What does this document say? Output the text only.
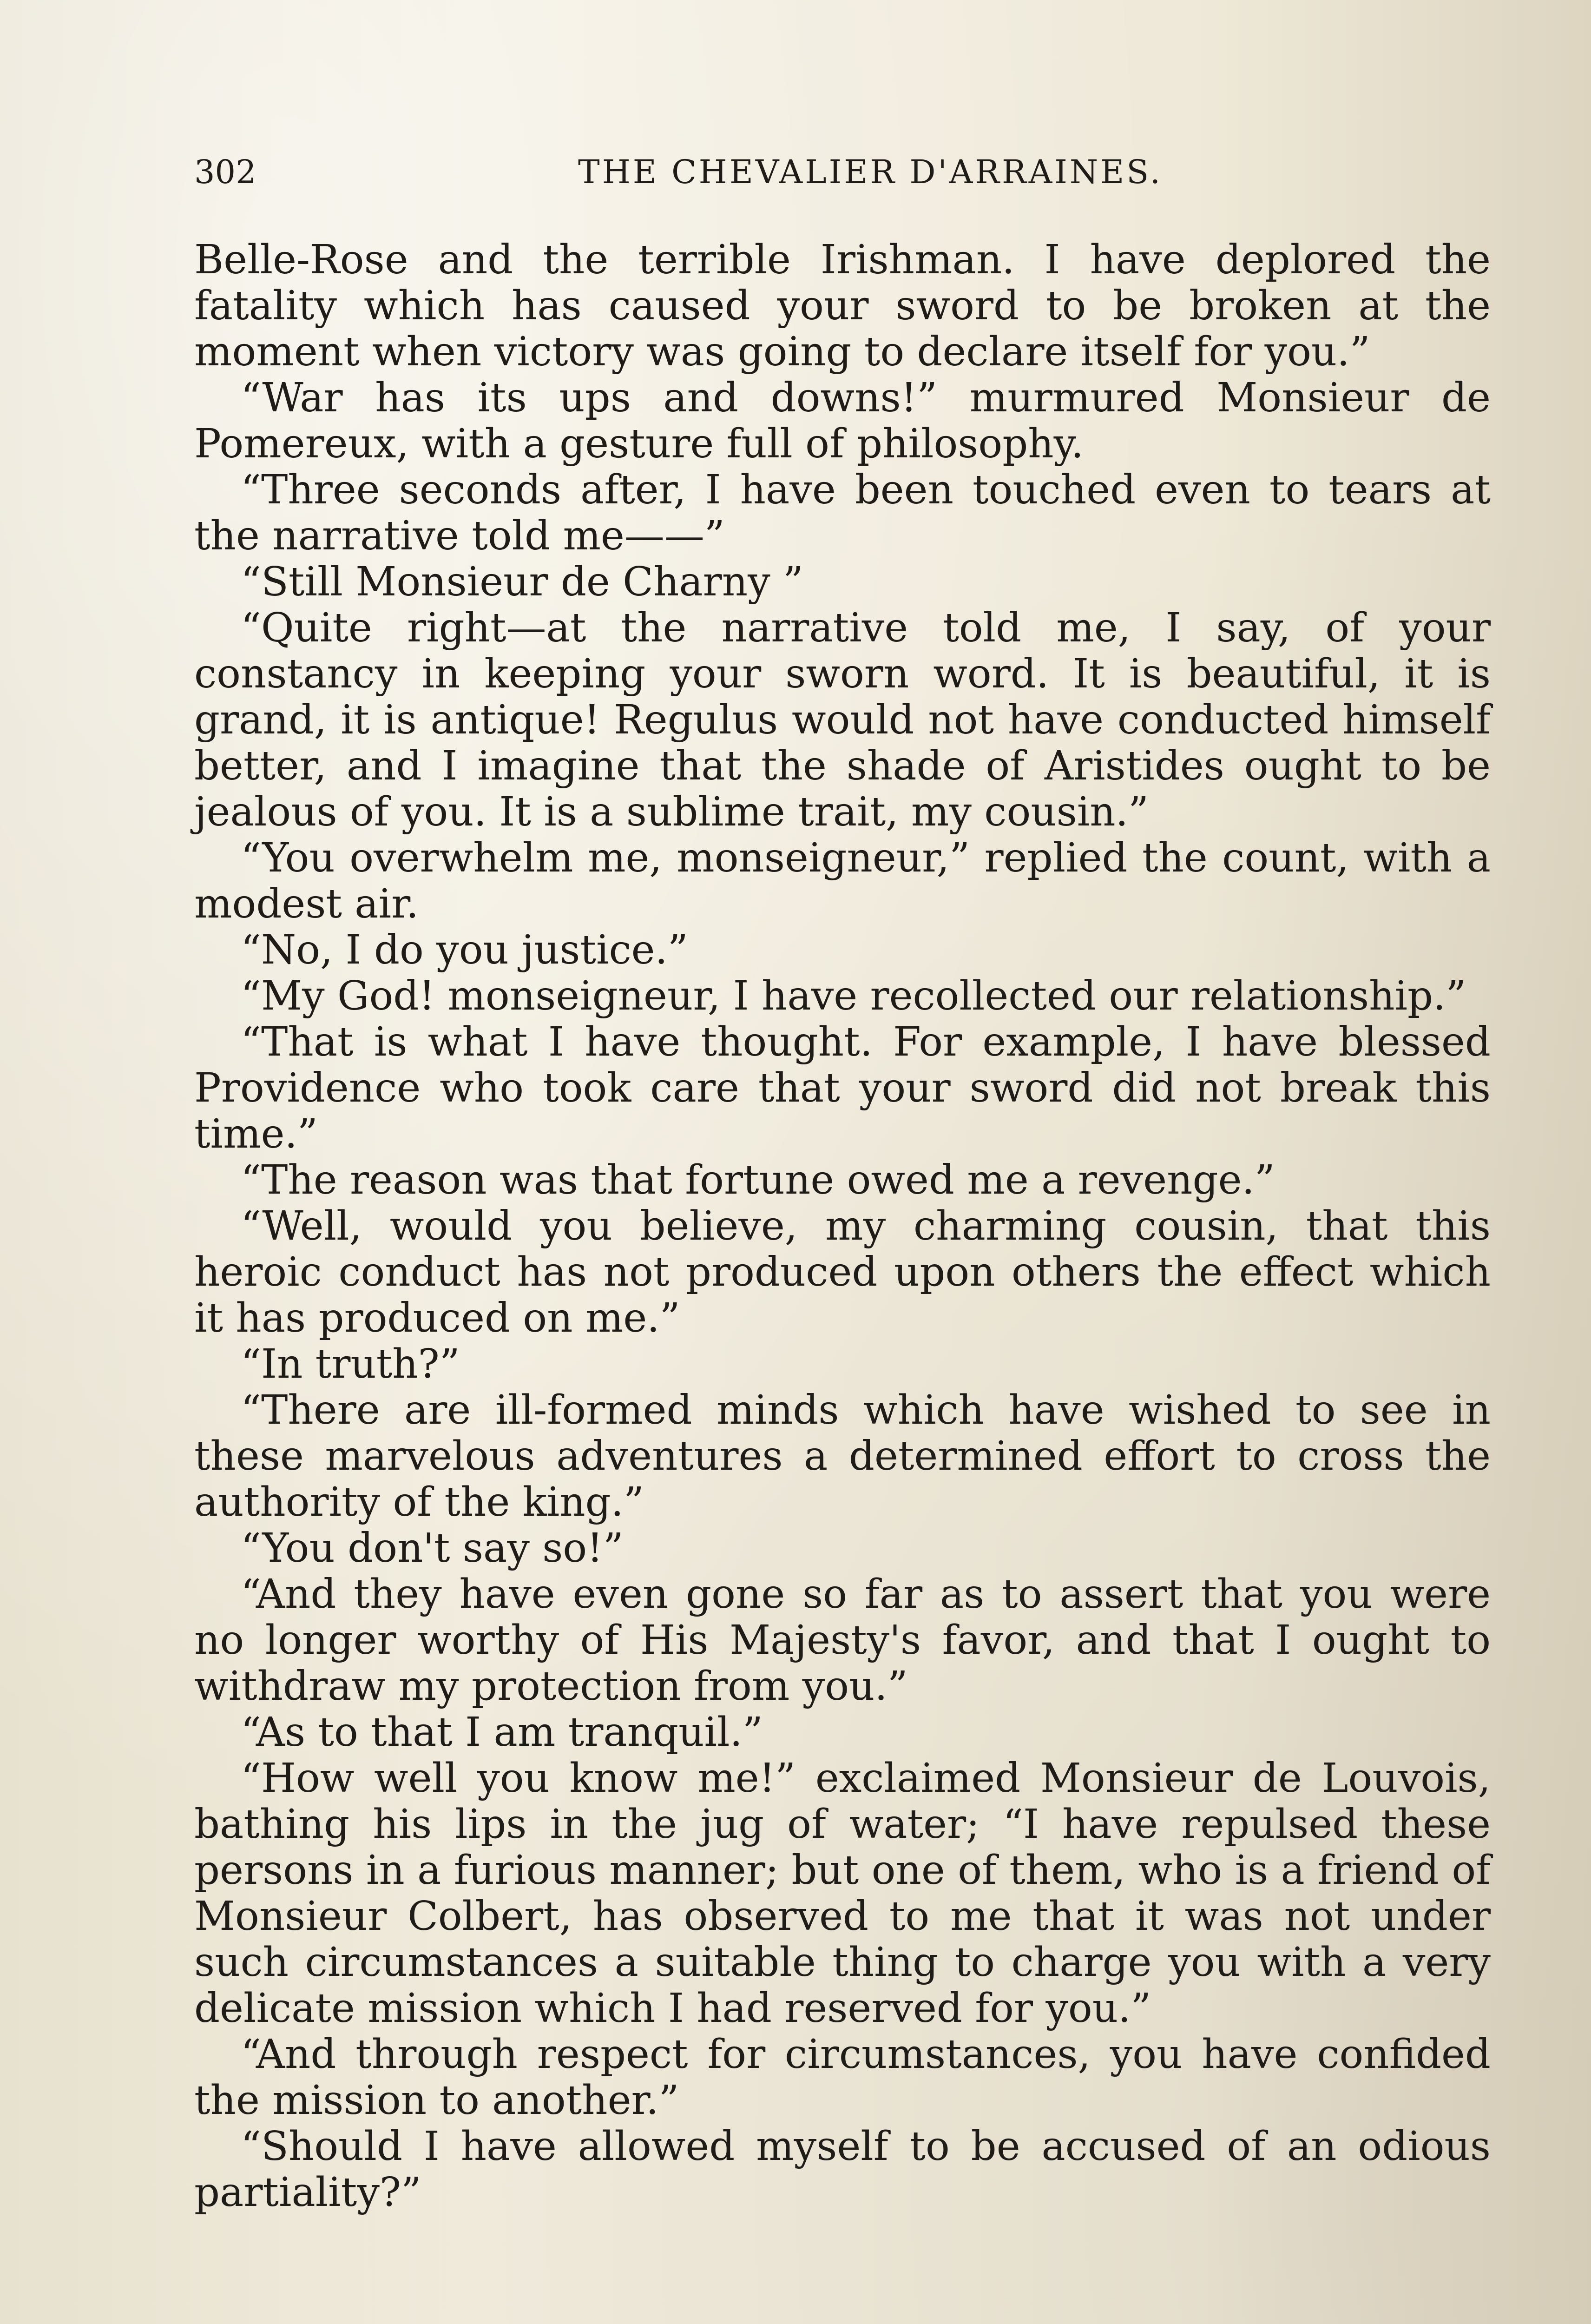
302	THE CHEVALIER D'ARRAINES.

Belle-Rose and the terrible Irishman. I have deplored the fatality which has caused your sword to be broken at the moment when victory was going to declare itself for you.”

“War has its ups and downs!” murmured Monsieur de Pomereux, with a gesture full of philosophy.

“Three seconds after, I have been touched even to tears at the narrative told me——”

“Still Monsieur de Charny ”

“Quite right—at the narrative told me, I say, of your constancy in keeping your sworn word. It is beautiful, it is grand, it is antique! Regulus would not have conducted himself better, and I imagine that the shade of Aristides ought to be jealous of you. It is a sublime trait, my cousin.”

“You overwhelm me, monseigneur,” replied the count, with a modest air.

“No, I do you justice.”

“My God! monseigneur, I have recollected our relationship.”

“That is what I have thought. For example, I have blessed Providence who took care that your sword did not break this time.”

“The reason was that fortune owed me a revenge.”

“Well, would you believe, my charming cousin, that this heroic conduct has not produced upon others the effect which it has produced on me.”

“In truth?”

“There are ill-formed minds which have wished to see in these marvelous adventures a determined effort to cross the authority of the king.”

“You don't say so!”

“And they have even gone so far as to assert that you were no longer worthy of His Majesty's favor, and that I ought to withdraw my protection from you.”

“As to that I am tranquil.”

“How well you know me!” exclaimed Monsieur de Louvois, bathing his lips in the jug of water; “I have repulsed these persons in a furious manner; but one of them, who is a friend of Monsieur Colbert, has observed to me that it was not under such circumstances a suitable thing to charge you with a very delicate mission which I had reserved for you.”

“And through respect for circumstances, you have confided the mission to another.”

“Should I have allowed myself to be accused of an odious partiality?”
